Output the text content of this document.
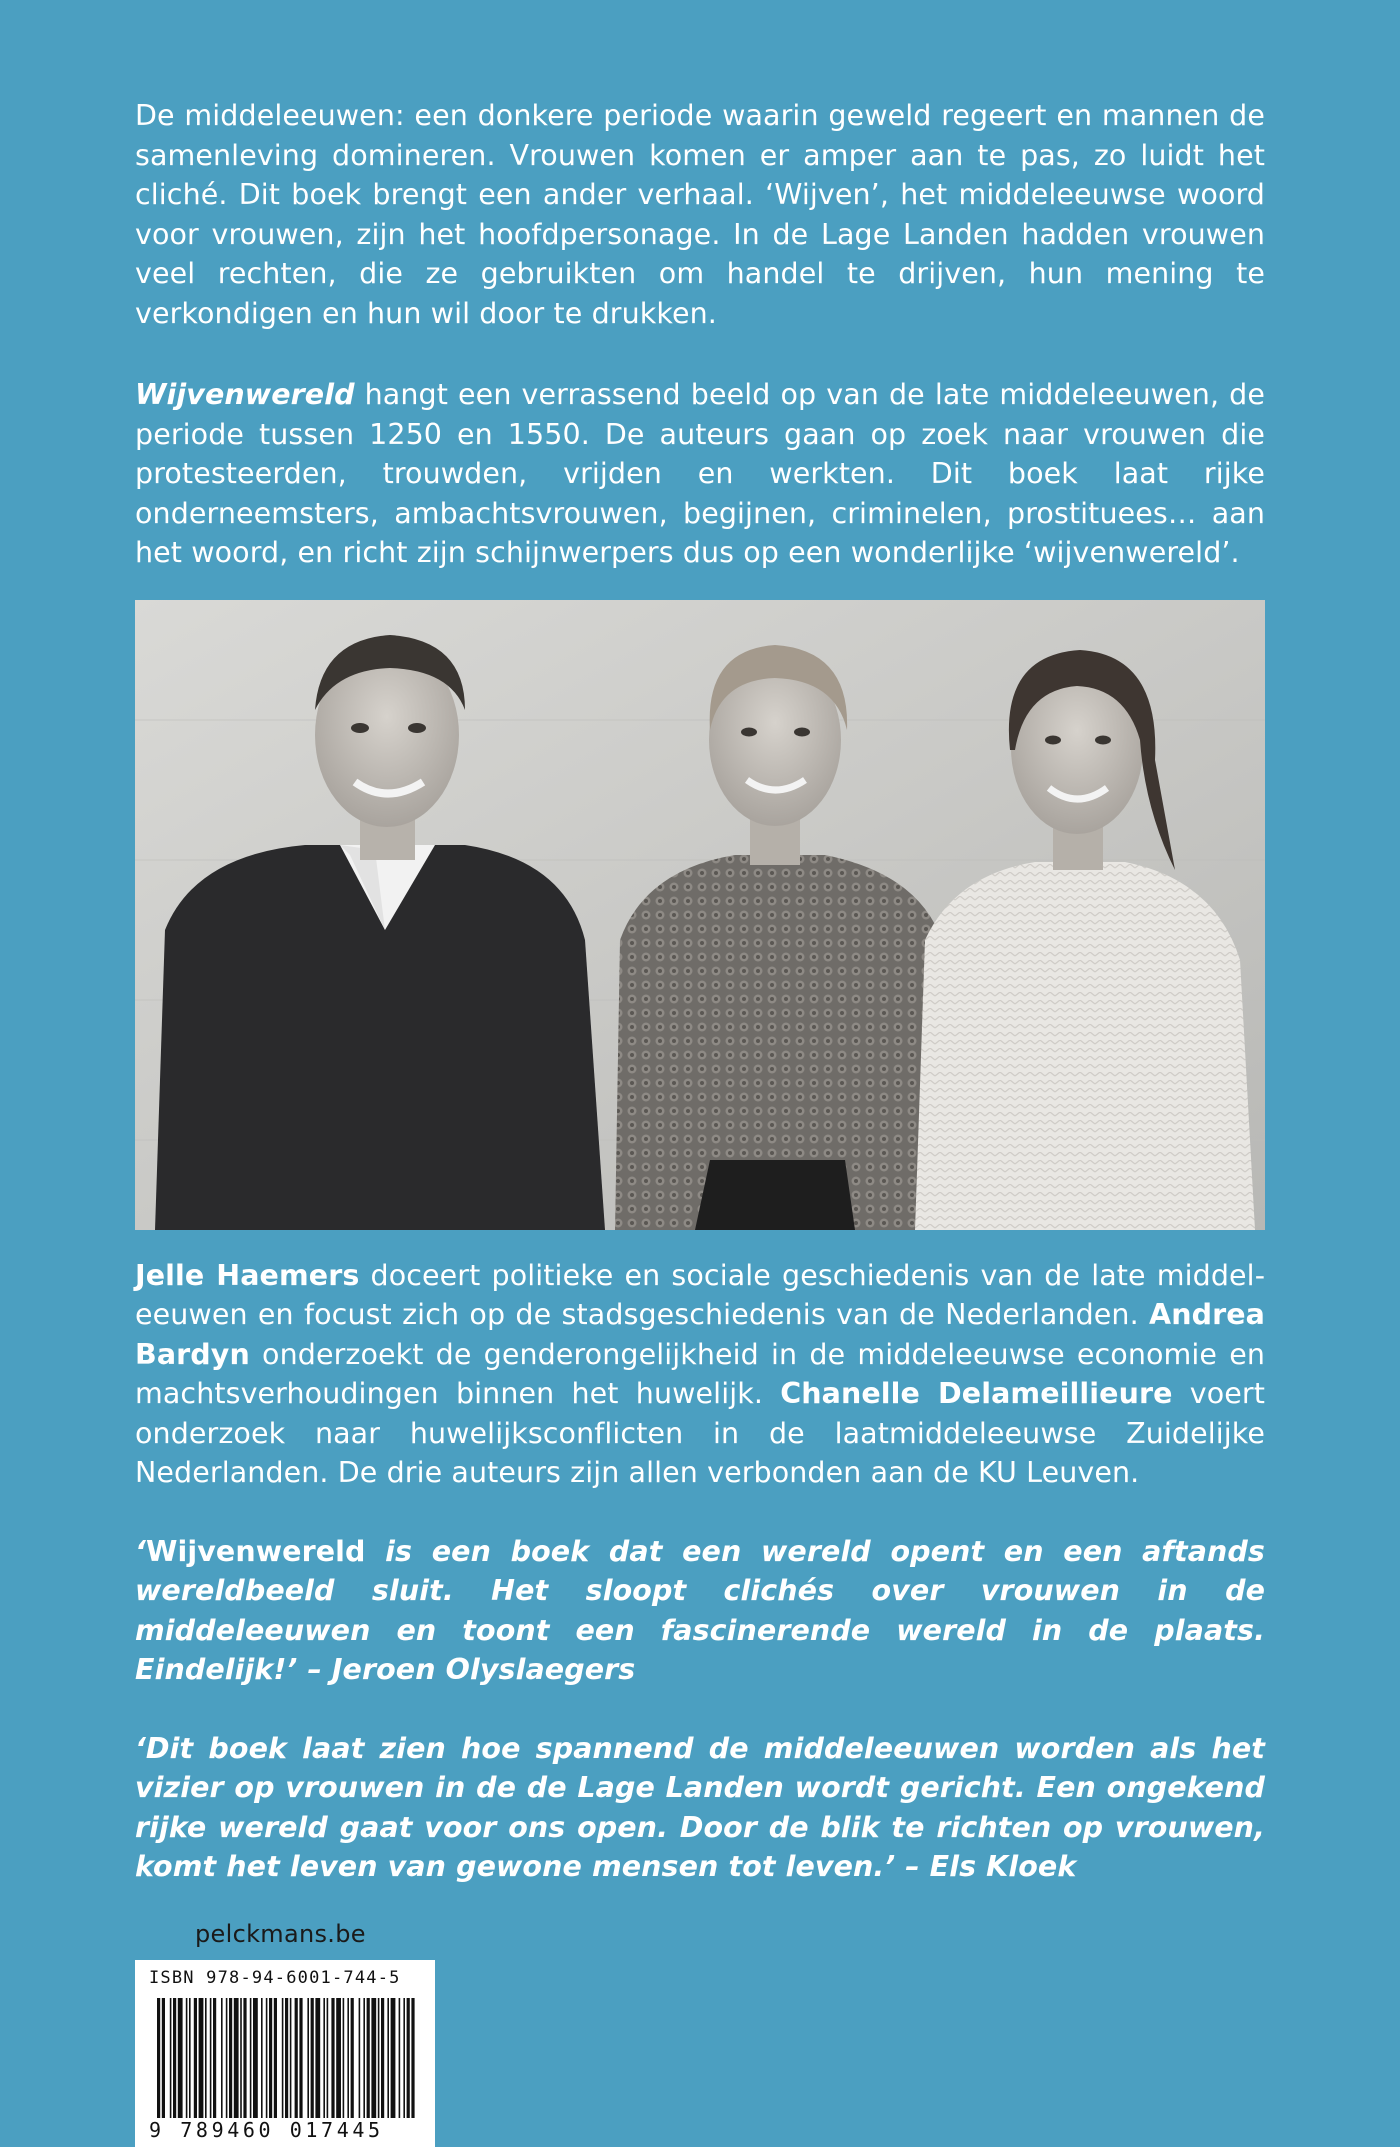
De middeleeuwen: een donkere periode waarin geweld regeert en mannen de samenleving domineren. Vrouwen komen er amper aan te pas, zo luidt het cliché. Dit boek brengt een ander verhaal. ‘Wijven’, het middeleeuwse woord voor vrouwen, zijn het hoofdpersonage. In de Lage Landen hadden vrouwen veel rechten, die ze gebruikten om handel te drijven, hun mening te verkondigen en hun wil door te drukken.

Wijvenwereld hangt een verrassend beeld op van de late middeleeuwen, de periode tussen 1250 en 1550. De auteurs gaan op zoek naar vrouwen die protesteerden, trouwden, vrijden en werkten. Dit boek laat rijke onderneemsters, ambachtsvrouwen, begijnen, criminelen, prostituees… aan het woord, en richt zijn schijnwerpers dus op een wonderlijke ‘wijvenwereld’.

Jelle Haemers doceert politieke en sociale geschiedenis van de late middeleeuwen en focust zich op de stadsgeschiedenis van de Nederlanden. Andrea Bardyn onderzoekt de genderongelijkheid in de middeleeuwse economie en machtsverhoudingen binnen het huwelijk. Chanelle Delameillieure voert onderzoek naar huwelijksconflicten in de laatmiddeleeuwse Zuidelijke Nederlanden. De drie auteurs zijn allen verbonden aan de KU Leuven.

‘Wijvenwereld is een boek dat een wereld opent en een aftands wereldbeeld sluit. Het sloopt clichés over vrouwen in de middeleeuwen en toont een fascinerende wereld in de plaats. Eindelijk!’ – Jeroen Olyslaegers

‘Dit boek laat zien hoe spannend de middeleeuwen worden als het vizier op vrouwen in de de Lage Landen wordt gericht. Een ongekend rijke wereld gaat voor ons open. Door de blik te richten op vrouwen, komt het leven van gewone mensen tot leven.’ – Els Kloek

pelckmans.be
ISBN 978-94-6001-744-5
9 789460 017445
